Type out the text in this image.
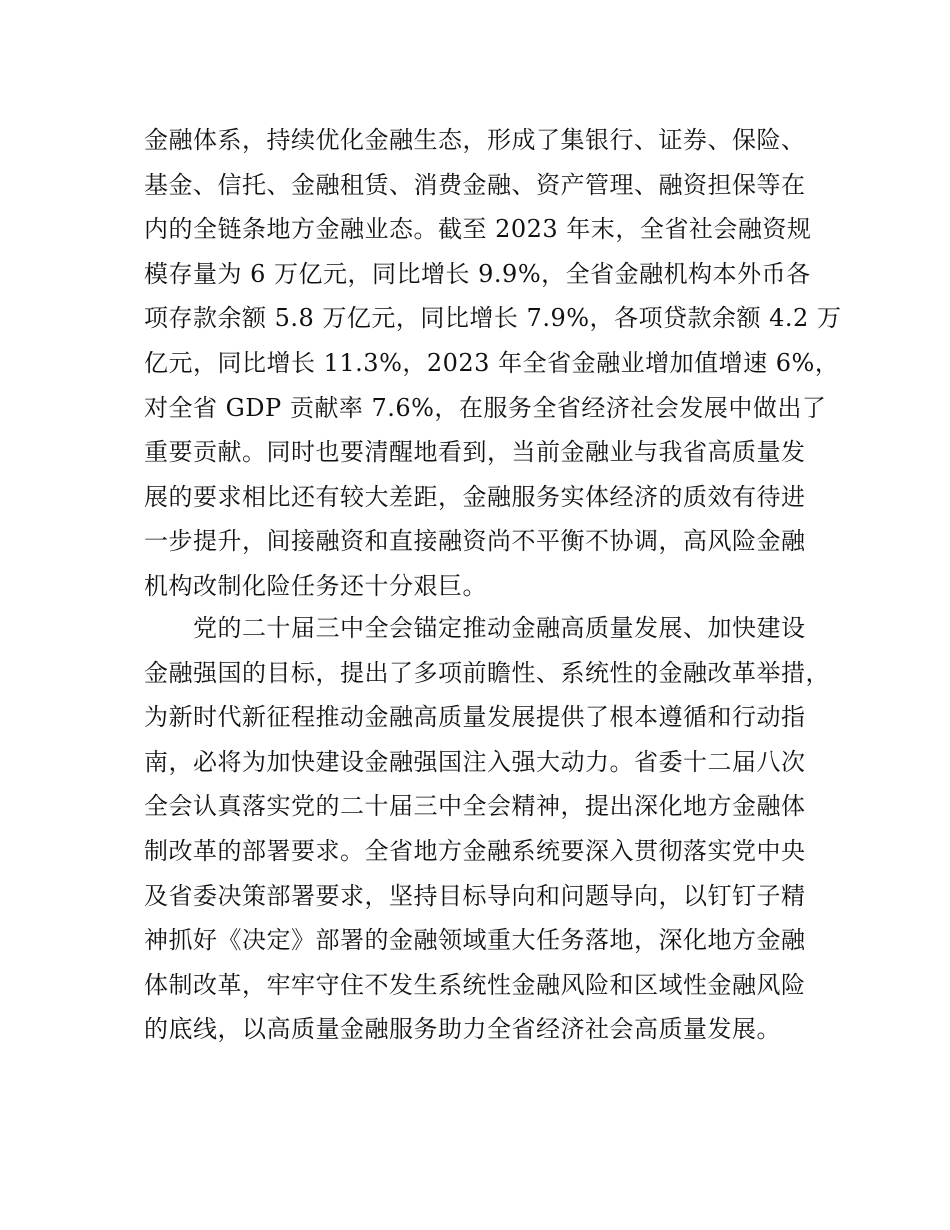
金融体系，持续优化金融生态，形成了集银行、证券、保险、
基金、信托、金融租赁、消费金融、资产管理、融资担保等在
内的全链条地方金融业态。截至 2023 年末，全省社会融资规
模存量为 6 万亿元，同比增长 9.9%，全省金融机构本外币各
项存款余额 5.8 万亿元，同比增长 7.9%，各项贷款余额 4.2 万
亿元，同比增长 11.3%，2023 年全省金融业增加值增速 6%，
对全省 GDP 贡献率 7.6%，在服务全省经济社会发展中做出了
重要贡献。同时也要清醒地看到，当前金融业与我省高质量发
展的要求相比还有较大差距，金融服务实体经济的质效有待进
一步提升，间接融资和直接融资尚不平衡不协调，高风险金融
机构改制化险任务还十分艰巨。
　　党的二十届三中全会锚定推动金融高质量发展、加快建设
金融强国的目标，提出了多项前瞻性、系统性的金融改革举措，
为新时代新征程推动金融高质量发展提供了根本遵循和行动指
南，必将为加快建设金融强国注入强大动力。省委十二届八次
全会认真落实党的二十届三中全会精神，提出深化地方金融体
制改革的部署要求。全省地方金融系统要深入贯彻落实党中央
及省委决策部署要求，坚持目标导向和问题导向，以钉钉子精
神抓好《决定》部署的金融领域重大任务落地，深化地方金融
体制改革，牢牢守住不发生系统性金融风险和区域性金融风险
的底线，以高质量金融服务助力全省经济社会高质量发展。
